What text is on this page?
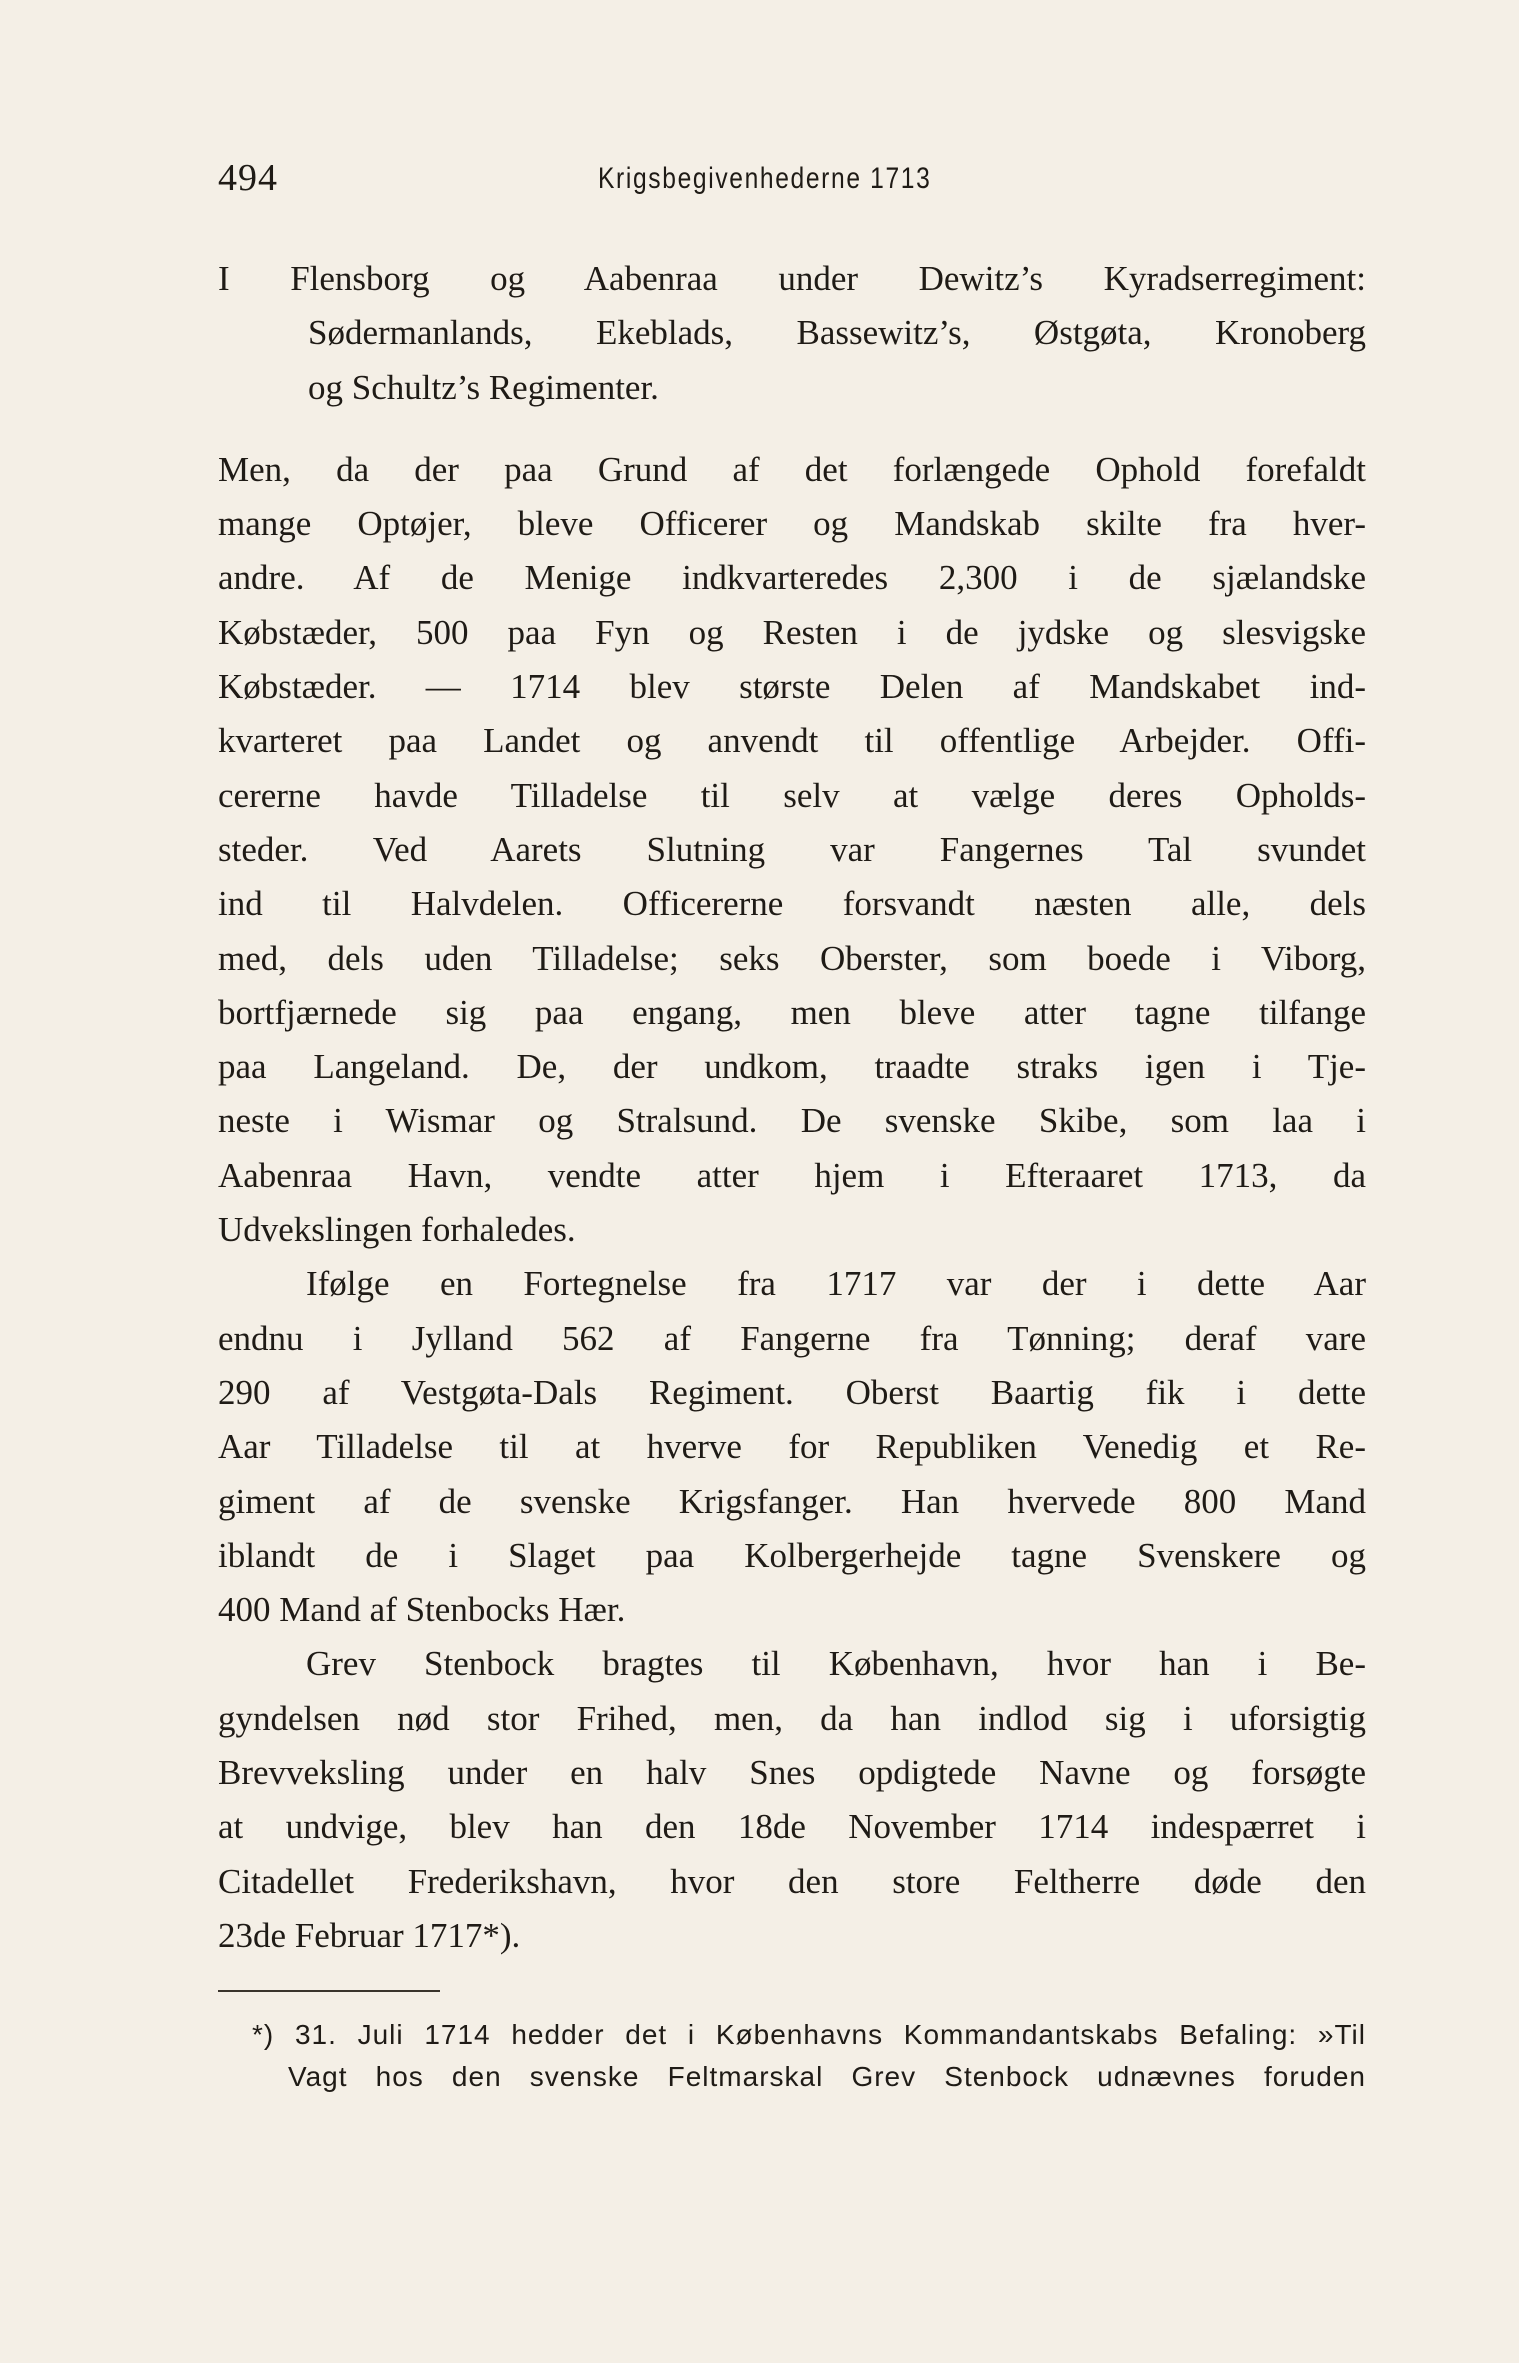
494	Krigsbegivenhederne 1713
I Flensborg og Aabenraa under Dewitz’s Kyradserregiment:
Sødermanlands, Ekeblads, Bassewitz’s, Østgøta, Kronoberg
og Schultz’s Regimenter.
Men, da der paa Grund af det forlængede Ophold forefaldt
mange Optøjer, bleve Officerer og Mandskab skilte fra hver-
andre. Af de Menige indkvarteredes 2,300 i de sjælandske
Købstæder, 500 paa Fyn og Resten i de jydske og slesvigske
Købstæder. — 1714 blev største Delen af Mandskabet ind-
kvarteret paa Landet og anvendt til offentlige Arbejder. Offi-
cererne havde Tilladelse til selv at vælge deres Opholds-
steder. Ved Aarets Slutning var Fangernes Tal svundet
ind til Halvdelen. Officererne forsvandt næsten alle, dels
med, dels uden Tilladelse; seks Oberster, som boede i Viborg,
bortfjærnede sig paa engang, men bleve atter tagne tilfange
paa Langeland. De, der undkom, traadte straks igen i Tje-
neste i Wismar og Stralsund. De svenske Skibe, som laa i
Aabenraa Havn, vendte atter hjem i Efteraaret 1713, da
Udvekslingen forhaledes.
Ifølge en Fortegnelse fra 1717 var der i dette Aar
endnu i Jylland 562 af Fangerne fra Tønning; deraf vare
290 af Vestgøta-Dals Regiment. Oberst Baartig fik i dette
Aar Tilladelse til at hverve for Republiken Venedig et Re-
giment af de svenske Krigsfanger. Han hvervede 800 Mand
iblandt de i Slaget paa Kolbergerhejde tagne Svenskere og
400 Mand af Stenbocks Hær.
Grev Stenbock bragtes til København, hvor han i Be-
gyndelsen nød stor Frihed, men, da han indlod sig i uforsigtig
Brevveksling under en halv Snes opdigtede Navne og forsøgte
at undvige, blev han den 18de November 1714 indespærret i
Citadellet Frederikshavn, hvor den store Feltherre døde den
23de Februar 1717*).
*) 31. Juli 1714 hedder det i Københavns Kommandantskabs Befaling: »Til
Vagt hos den svenske Feltmarskal Grev Stenbock udnævnes foruden
